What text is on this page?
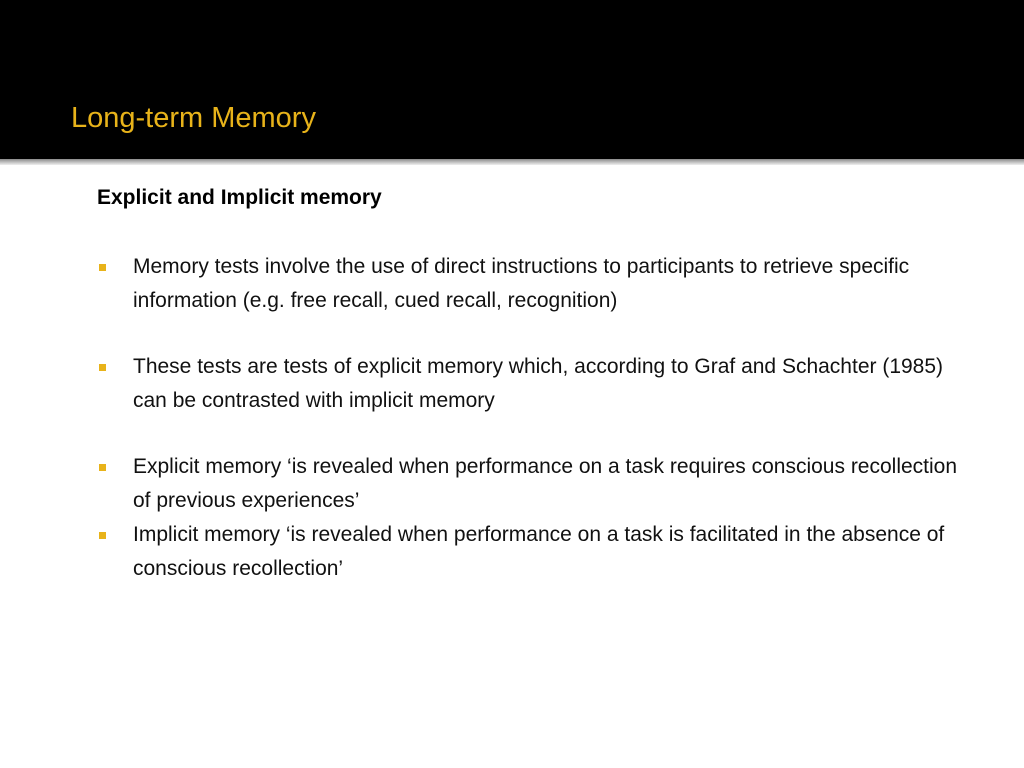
Long-term Memory
Explicit and Implicit memory
Memory tests involve the use of direct instructions to participants to retrieve specific information (e.g. free recall, cued recall, recognition)
These tests are tests of explicit memory which, according to Graf and Schachter (1985) can be contrasted with implicit memory
Explicit memory ‘is revealed when performance on a task requires conscious recollection of previous experiences’
Implicit memory ‘is revealed when performance on a task is facilitated in the absence of conscious recollection’
